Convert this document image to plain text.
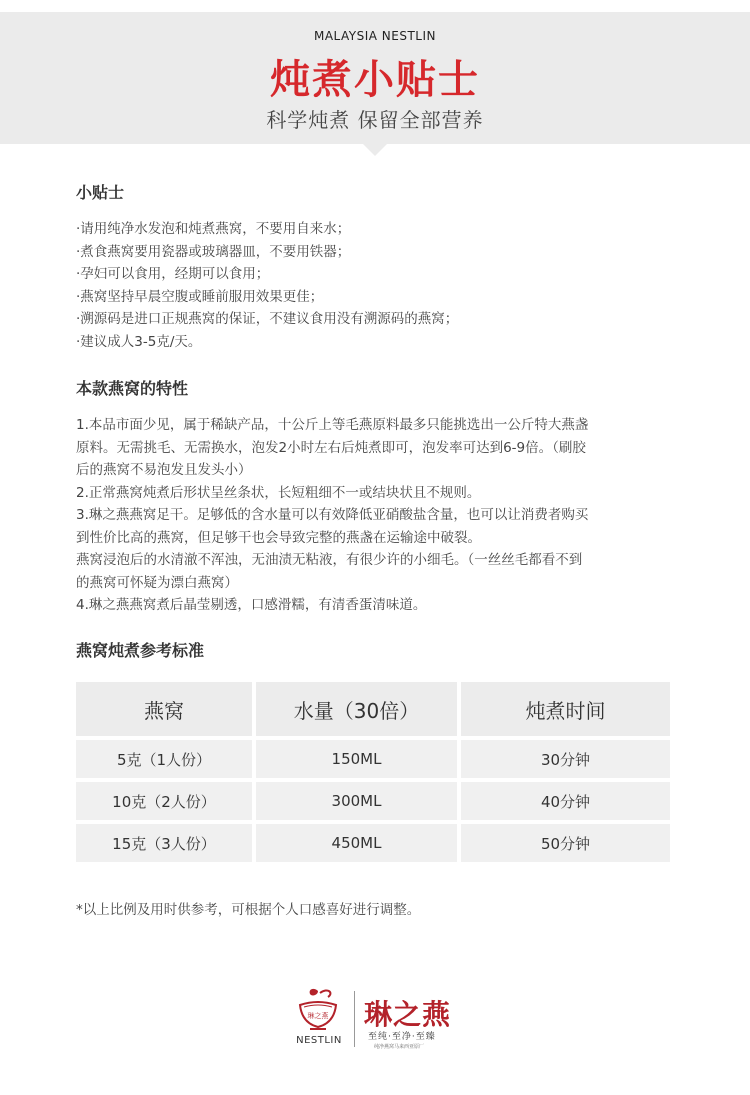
MALAYSIA NESTLIN
炖煮小贴士
科学炖煮 保留全部营养
小贴士
·请用纯净水发泡和炖煮燕窝，不要用自来水；
·煮食燕窝要用瓷器或玻璃器皿，不要用铁器；
·孕妇可以食用，经期可以食用；
·燕窝坚持早晨空腹或睡前服用效果更佳；
·溯源码是进口正规燕窝的保证，不建议食用没有溯源码的燕窝；
·建议成人3-5克/天。
本款燕窝的特性
1.本品市面少见，属于稀缺产品，十公斤上等毛燕原料最多只能挑选出一公斤特大燕盏
原料。无需挑毛、无需换水，泡发2小时左右后炖煮即可，泡发率可达到6-9倍。（刷胶
后的燕窝不易泡发且发头小）
2.正常燕窝炖煮后形状呈丝条状，长短粗细不一或结块状且不规则。
3.琳之燕燕窝足干。足够低的含水量可以有效降低亚硝酸盐含量，也可以让消费者购买
到性价比高的燕窝，但足够干也会导致完整的燕盏在运输途中破裂。
燕窝浸泡后的水清澈不浑浊，无油渍无粘液，有很少许的小细毛。（一丝丝毛都看不到
的燕窝可怀疑为漂白燕窝）
4.琳之燕燕窝煮后晶莹剔透，口感滑糯，有清香蛋清味道。
燕窝炖煮参考标准
燕窝	水量（30倍）	炖煮时间
5克（1人份）	150ML	30分钟
10克（2人份）	300ML	40分钟
15克（3人份）	450ML	50分钟
*以上比例及用时供参考，可根据个人口感喜好进行调整。
琳之燕
NESTLIN
琳之燕
至纯·至净·至臻
纯净燕窝马来西亚原厂
